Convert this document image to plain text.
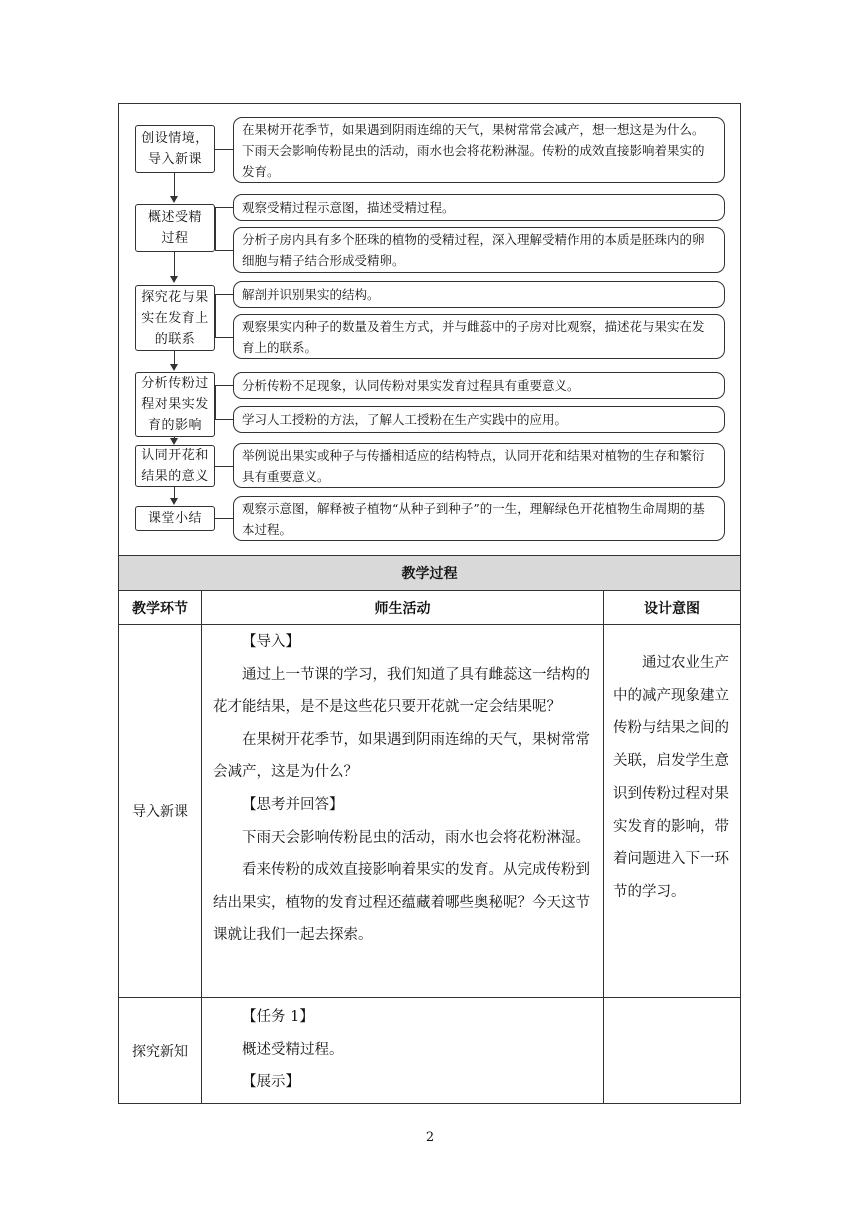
创设情境，
导入新课
在果树开花季节，如果遇到阴雨连绵的天气，果树常常会减产，想一想这是为什么。下雨天会影响传粉昆虫的活动，雨水也会将花粉淋湿。传粉的成效直接影响着果实的发育。
概述受精
过程
观察受精过程示意图，描述受精过程。
分析子房内具有多个胚珠的植物的受精过程，深入理解受精作用的本质是胚珠内的卵细胞与精子结合形成受精卵。
探究花与果
实在发育上
的联系
解剖并识别果实的结构。
观察果实内种子的数量及着生方式，并与雌蕊中的子房对比观察，描述花与果实在发育上的联系。
分析传粉过
程对果实发
育的影响
分析传粉不足现象，认同传粉对果实发育过程具有重要意义。
学习人工授粉的方法，了解人工授粉在生产实践中的应用。
认同开花和
结果的意义
举例说出果实或种子与传播相适应的结构特点，认同开花和结果对植物的生存和繁衍具有重要意义。
课堂小结
观察示意图，解释被子植物“从种子到种子”的一生，理解绿色开花植物生命周期的基本过程。
教学过程
教学环节	师生活动	设计意图
导入新课

【导入】

通过上一节课的学习，我们知道了具有雌蕊这一结构的花才能结果，是不是这些花只要开花就一定会结果呢？

在果树开花季节，如果遇到阴雨连绵的天气，果树常常会减产，这是为什么？

【思考并回答】

下雨天会影响传粉昆虫的活动，雨水也会将花粉淋湿。

看来传粉的成效直接影响着果实的发育。从完成传粉到结出果实，植物的发育过程还蕴藏着哪些奥秘呢？今天这节课就让我们一起去探索。

通过农业生产中的减产现象建立传粉与结果之间的关联，启发学生意识到传粉过程对果实发育的影响，带着问题进入下一环节的学习。
探究新知

【任务 1】

概述受精过程。

【展示】

2
